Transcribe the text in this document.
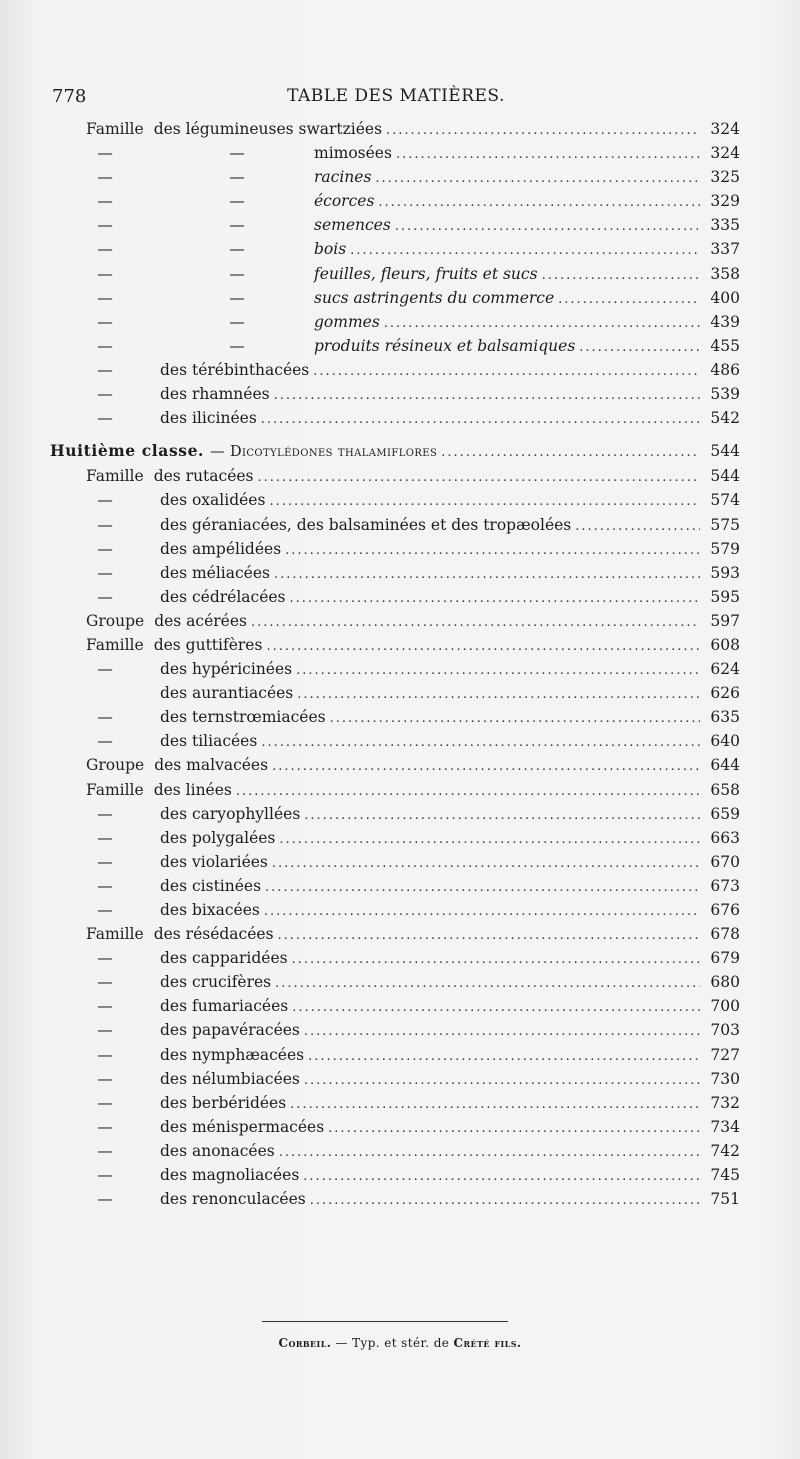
778	TABLE DES MATIÈRES.
Famille des légumineuses swartziées .....	324
—	—	mimosées .....	324
—	—	racines .....	325
—	—	écorces .....	329
—	—	semences .....	335
—	—	bois .....	337
—	—	feuilles, fleurs, fruits et sucs .....	358
—	—	sucs astringents du commerce .....	400
—	—	gommes .....	439
—	—	produits résineux et balsamiques .....	455
—	des térébinthacées .....	486
—	des rhamnées .....	539
—	des ilicinées .....	542
Huitième classe. — Dicotylédones thalamiflores .....	544
Famille des rutacées .....	544
—	des oxalidées .....	574
—	des géraniacées, des balsaminées et des tropæolées .....	575
—	des ampélidées .....	579
—	des méliacées .....	593
—	des cédrélacées .....	595
Groupe des acérées .....	597
Famille des guttifères .....	608
—	des hypéricinées .....	624
des aurantiacées .....	626
—	des ternstrœmiacées .....	635
—	des tiliacées .....	640
Groupe des malvacées .....	644
Famille des linées .....	658
—	des caryophyllées .....	659
—	des polygalées .....	663
—	des violariées .....	670
—	des cistinées .....	673
—	des bixacées .....	676
Famille des résédacées .....	678
—	des capparidées .....	679
—	des crucifères .....	680
—	des fumariacées .....	700
—	des papavéracées .....	703
—	des nymphæacées .....	727
—	des nélumbiacées .....	730
—	des berbéridées .....	732
—	des ménispermacées .....	734
—	des anonacées .....	742
—	des magnoliacées .....	745
—	des renonculacées .....	751
Corbeil. — Typ. et stér. de Crété fils.
